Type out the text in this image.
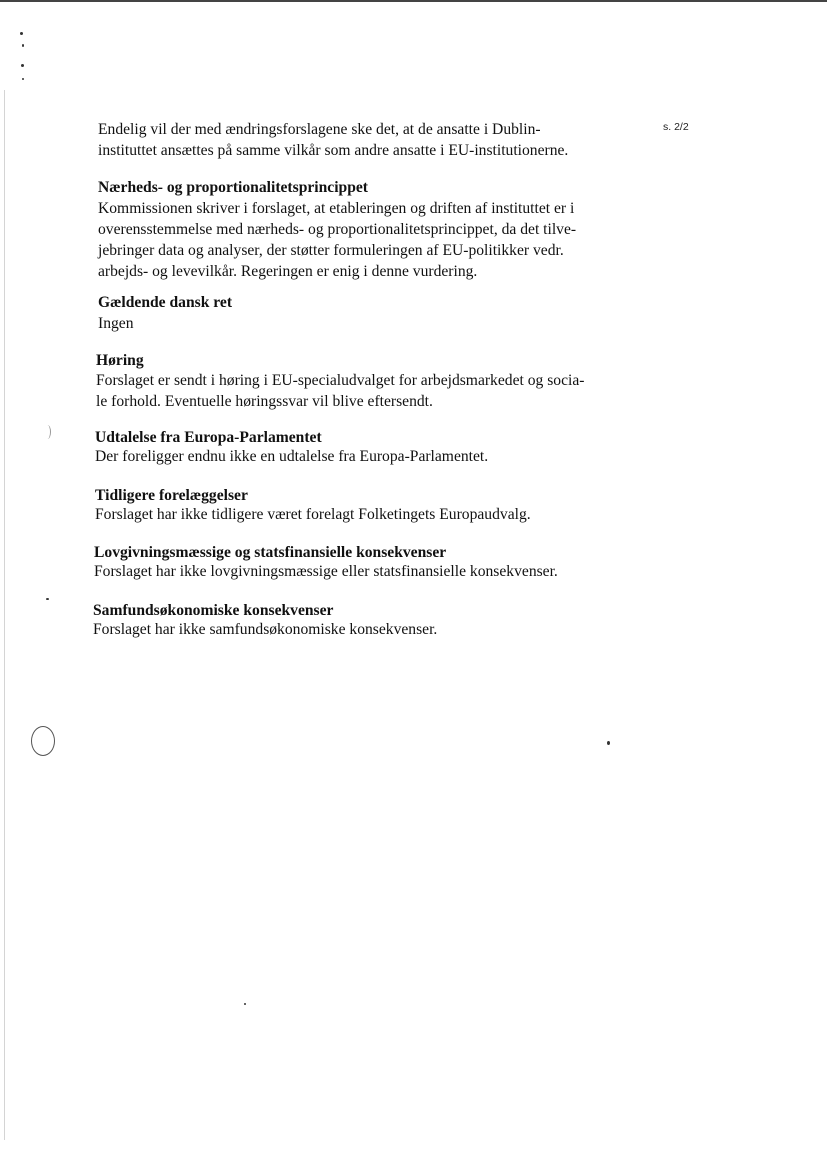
s. 2/2

Endelig vil der med ændringsforslagene ske det, at de ansatte i Dublin-
instituttet ansættes på samme vilkår som andre ansatte i EU-institutionerne.

Nærheds- og proportionalitetsprincippet

Kommissionen skriver i forslaget, at etableringen og driften af instituttet er i
overensstemmelse med nærheds- og proportionalitetsprincippet, da det tilve-
jebringer data og analyser, der støtter formuleringen af EU-politikker vedr.
arbejds- og levevilkår. Regeringen er enig i denne vurdering.

Gældende dansk ret

Ingen

Høring

Forslaget er sendt i høring i EU-specialudvalget for arbejdsmarkedet og socia-
le forhold. Eventuelle høringssvar vil blive eftersendt.

Udtalelse fra Europa-Parlamentet

Der foreligger endnu ikke en udtalelse fra Europa-Parlamentet.

Tidligere forelæggelser

Forslaget har ikke tidligere været forelagt Folketingets Europaudvalg.

Lovgivningsmæssige og statsfinansielle konsekvenser

Forslaget har ikke lovgivningsmæssige eller statsfinansielle konsekvenser.

Samfundsøkonomiske konsekvenser

Forslaget har ikke samfundsøkonomiske konsekvenser.
